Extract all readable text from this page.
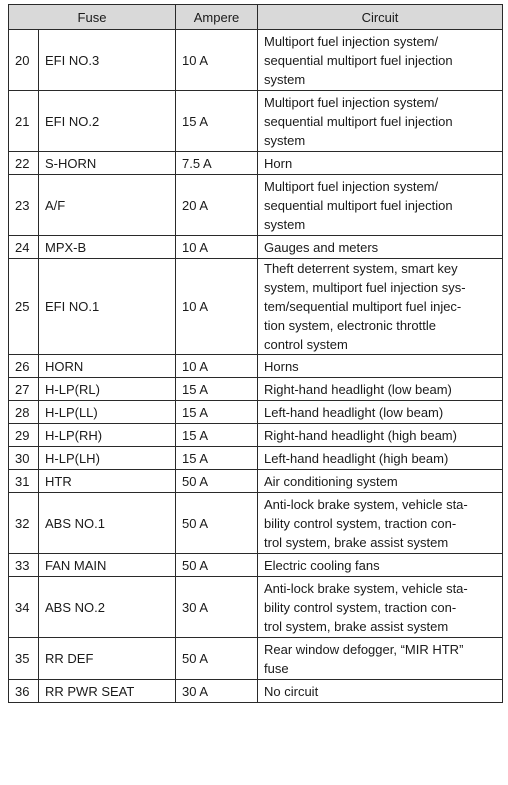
Fuse		Ampere	Circuit
20	EFI NO.3	10 A	Multiport fuel injection system/
sequential multiport fuel injection
system

21	EFI NO.2	15 A	Multiport fuel injection system/
sequential multiport fuel injection
system

22	S-HORN	7.5 A	Horn

23	A/F	20 A	Multiport fuel injection system/
sequential multiport fuel injection
system

24	MPX-B	10 A	Gauges and meters

25	EFI NO.1	10 A	Theft deterrent system, smart key
system, multiport fuel injection sys-
tem/sequential multiport fuel injec-
tion system, electronic throttle
control system

26	HORN	10 A	Horns

27	H-LP(RL)	15 A	Right-hand headlight (low beam)

28	H-LP(LL)	15 A	Left-hand headlight (low beam)

29	H-LP(RH)	15 A	Right-hand headlight (high beam)

30	H-LP(LH)	15 A	Left-hand headlight (high beam)

31	HTR	50 A	Air conditioning system

32	ABS NO.1	50 A	Anti-lock brake system, vehicle sta-
bility control system, traction con-
trol system, brake assist system

33	FAN MAIN	50 A	Electric cooling fans

34	ABS NO.2	30 A	Anti-lock brake system, vehicle sta-
bility control system, traction con-
trol system, brake assist system

35	RR DEF	50 A	Rear window defogger, “MIR HTR”
fuse

36	RR PWR SEAT	30 A	No circuit
